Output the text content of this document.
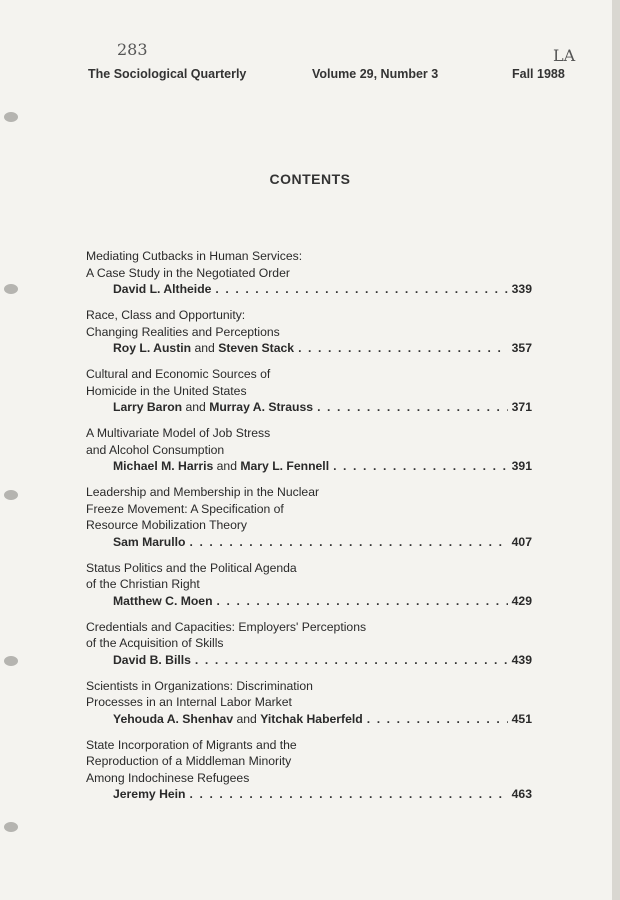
283	LA
The Sociological Quarterly	Volume 29, Number 3	Fall 1988
CONTENTS
Mediating Cutbacks in Human Services:
A Case Study in the Negotiated Order
David L. Altheide . . .	339
Race, Class and Opportunity:
Changing Realities and Perceptions
Roy L. Austin and Steven Stack . . .	357
Cultural and Economic Sources of
Homicide in the United States
Larry Baron and Murray A. Strauss . . .	371
A Multivariate Model of Job Stress
and Alcohol Consumption
Michael M. Harris and Mary L. Fennell . . .	391
Leadership and Membership in the Nuclear
Freeze Movement: A Specification of
Resource Mobilization Theory
Sam Marullo . . .	407
Status Politics and the Political Agenda
of the Christian Right
Matthew C. Moen . . .	429
Credentials and Capacities: Employers' Perceptions
of the Acquisition of Skills
David B. Bills . . .	439
Scientists in Organizations: Discrimination
Processes in an Internal Labor Market
Yehouda A. Shenhav and Yitchak Haberfeld . . .	451
State Incorporation of Migrants and the
Reproduction of a Middleman Minority
Among Indochinese Refugees
Jeremy Hein . . .	463
